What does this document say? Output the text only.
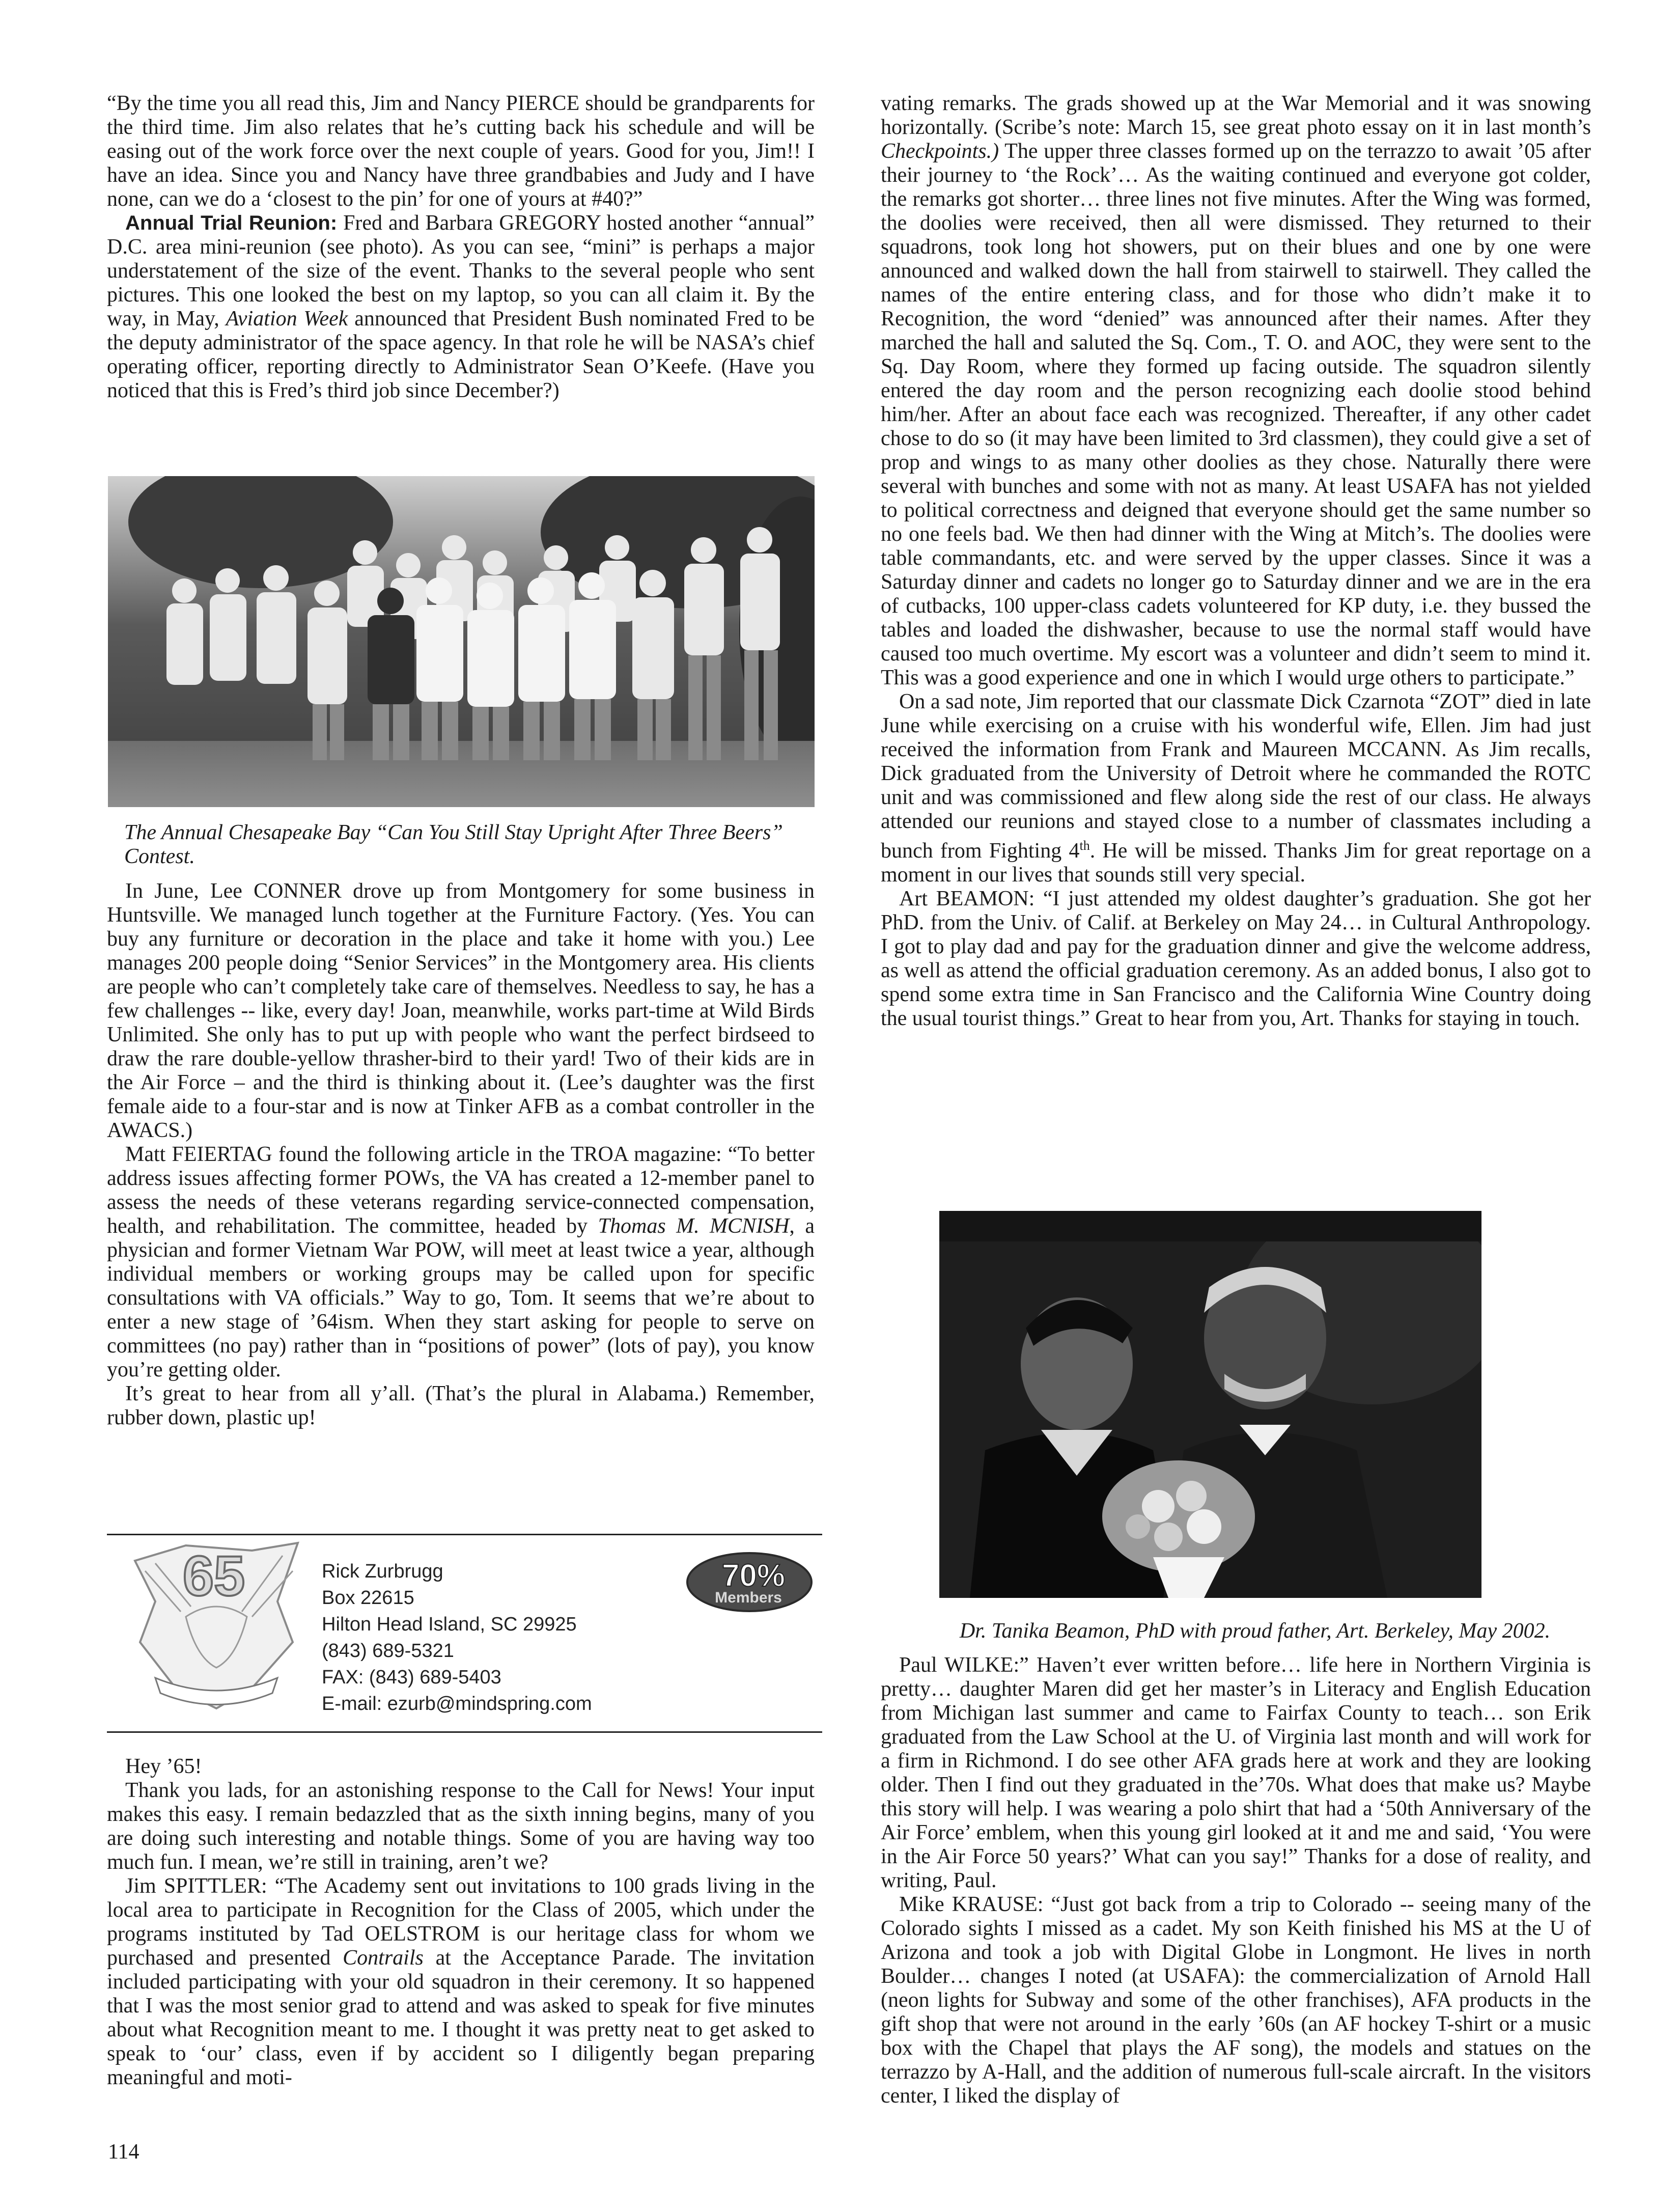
“By the time you all read this, Jim and Nancy PIERCE should be grandparents for the third time. Jim also relates that he’s cutting back his schedule and will be easing out of the work force over the next couple of years. Good for you, Jim!! I have an idea. Since you and Nancy have three grandbabies and Judy and I have none, can we do a ‘closest to the pin’ for one of yours at #40?”

Annual Trial Reunion: Fred and Barbara GREGORY hosted another “annual” D.C. area mini-reunion (see photo). As you can see, “mini” is perhaps a major understatement of the size of the event. Thanks to the several people who sent pictures. This one looked the best on my laptop, so you can all claim it. By the way, in May, Aviation Week announced that President Bush nominated Fred to be the deputy administrator of the space agency. In that role he will be NASA’s chief operating officer, reporting directly to Administrator Sean O’Keefe. (Have you noticed that this is Fred’s third job since December?)

The Annual Chesapeake Bay “Can You Still Stay Upright After Three Beers” Contest.

In June, Lee CONNER drove up from Montgomery for some business in Huntsville. We managed lunch together at the Furniture Factory. (Yes. You can buy any furniture or decoration in the place and take it home with you.) Lee manages 200 people doing “Senior Services” in the Montgomery area. His clients are people who can’t completely take care of themselves. Needless to say, he has a few challenges -- like, every day! Joan, meanwhile, works part-time at Wild Birds Unlimited. She only has to put up with people who want the perfect birdseed to draw the rare double-yellow thrasher-bird to their yard! Two of their kids are in the Air Force – and the third is thinking about it. (Lee’s daughter was the first female aide to a four-star and is now at Tinker AFB as a combat controller in the AWACS.)

Matt FEIERTAG found the following article in the TROA magazine: “To better address issues affecting former POWs, the VA has created a 12-member panel to assess the needs of these veterans regarding service-connected compensation, health, and rehabilitation. The committee, headed by Thomas M. MCNISH, a physician and former Vietnam War POW, will meet at least twice a year, although individual members or working groups may be called upon for specific consultations with VA officials.” Way to go, Tom. It seems that we’re about to enter a new stage of ’64ism. When they start asking for people to serve on committees (no pay) rather than in “positions of power” (lots of pay), you know you’re getting older.

It’s great to hear from all y’all. (That’s the plural in Alabama.) Remember, rubber down, plastic up!

65	Rick Zurbrugg
Box 22615
Hilton Head Island, SC 29925
(843) 689-5321
FAX: (843) 689-5403
E-mail: ezurb@mindspring.com
70%
Members

Hey ’65!

Thank you lads, for an astonishing response to the Call for News! Your input makes this easy. I remain bedazzled that as the sixth inning begins, many of you are doing such interesting and notable things. Some of you are having way too much fun. I mean, we’re still in training, aren’t we?

Jim SPITTLER: “The Academy sent out invitations to 100 grads living in the local area to participate in Recognition for the Class of 2005, which under the programs instituted by Tad OELSTROM is our heritage class for whom we purchased and presented Contrails at the Acceptance Parade. The invitation included participating with your old squadron in their ceremony. It so happened that I was the most senior grad to attend and was asked to speak for five minutes about what Recognition meant to me. I thought it was pretty neat to get asked to speak to ‘our’ class, even if by accident so I diligently began preparing meaningful and moti-

vating remarks. The grads showed up at the War Memorial and it was snowing horizontally. (Scribe’s note: March 15, see great photo essay on it in last month’s Checkpoints.) The upper three classes formed up on the terrazzo to await ’05 after their journey to ‘the Rock’… As the waiting continued and everyone got colder, the remarks got shorter… three lines not five minutes. After the Wing was formed, the doolies were received, then all were dismissed. They returned to their squadrons, took long hot showers, put on their blues and one by one were announced and walked down the hall from stairwell to stairwell. They called the names of the entire entering class, and for those who didn’t make it to Recognition, the word “denied” was announced after their names. After they marched the hall and saluted the Sq. Com., T. O. and AOC, they were sent to the Sq. Day Room, where they formed up facing outside. The squadron silently entered the day room and the person recognizing each doolie stood behind him/her. After an about face each was recognized. Thereafter, if any other cadet chose to do so (it may have been limited to 3rd classmen), they could give a set of prop and wings to as many other doolies as they chose. Naturally there were several with bunches and some with not as many. At least USAFA has not yielded to political correctness and deigned that everyone should get the same number so no one feels bad. We then had dinner with the Wing at Mitch’s. The doolies were table commandants, etc. and were served by the upper classes. Since it was a Saturday dinner and cadets no longer go to Saturday dinner and we are in the era of cutbacks, 100 upper-class cadets volunteered for KP duty, i.e. they bussed the tables and loaded the dishwasher, because to use the normal staff would have caused too much overtime. My escort was a volunteer and didn’t seem to mind it. This was a good experience and one in which I would urge others to participate.”

On a sad note, Jim reported that our classmate Dick Czarnota “ZOT” died in late June while exercising on a cruise with his wonderful wife, Ellen. Jim had just received the information from Frank and Maureen MCCANN. As Jim recalls, Dick graduated from the University of Detroit where he commanded the ROTC unit and was commissioned and flew along side the rest of our class. He always attended our reunions and stayed close to a number of classmates including a bunch from Fighting 4th. He will be missed. Thanks Jim for great reportage on a moment in our lives that sounds still very special.

Art BEAMON: “I just attended my oldest daughter’s graduation. She got her PhD. from the Univ. of Calif. at Berkeley on May 24… in Cultural Anthropology. I got to play dad and pay for the graduation dinner and give the welcome address, as well as attend the official graduation ceremony. As an added bonus, I also got to spend some extra time in San Francisco and the California Wine Country doing the usual tourist things.” Great to hear from you, Art. Thanks for staying in touch.

Dr. Tanika Beamon, PhD with proud father, Art. Berkeley, May 2002.

Paul WILKE:” Haven’t ever written before… life here in Northern Virginia is pretty… daughter Maren did get her master’s in Literacy and English Education from Michigan last summer and came to Fairfax County to teach… son Erik graduated from the Law School at the U. of Virginia last month and will work for a firm in Richmond. I do see other AFA grads here at work and they are looking older. Then I find out they graduated in the’70s. What does that make us? Maybe this story will help. I was wearing a polo shirt that had a ‘50th Anniversary of the Air Force’ emblem, when this young girl looked at it and me and said, ‘You were in the Air Force 50 years?’ What can you say!” Thanks for a dose of reality, and writing, Paul.

Mike KRAUSE: “Just got back from a trip to Colorado -- seeing many of the Colorado sights I missed as a cadet. My son Keith finished his MS at the U of Arizona and took a job with Digital Globe in Longmont. He lives in north Boulder… changes I noted (at USAFA): the commercialization of Arnold Hall (neon lights for Subway and some of the other franchises), AFA products in the gift shop that were not around in the early ’60s (an AF hockey T-shirt or a music box with the Chapel that plays the AF song), the models and statues on the terrazzo by A-Hall, and the addition of numerous full-scale aircraft. In the visitors center, I liked the display of

114
